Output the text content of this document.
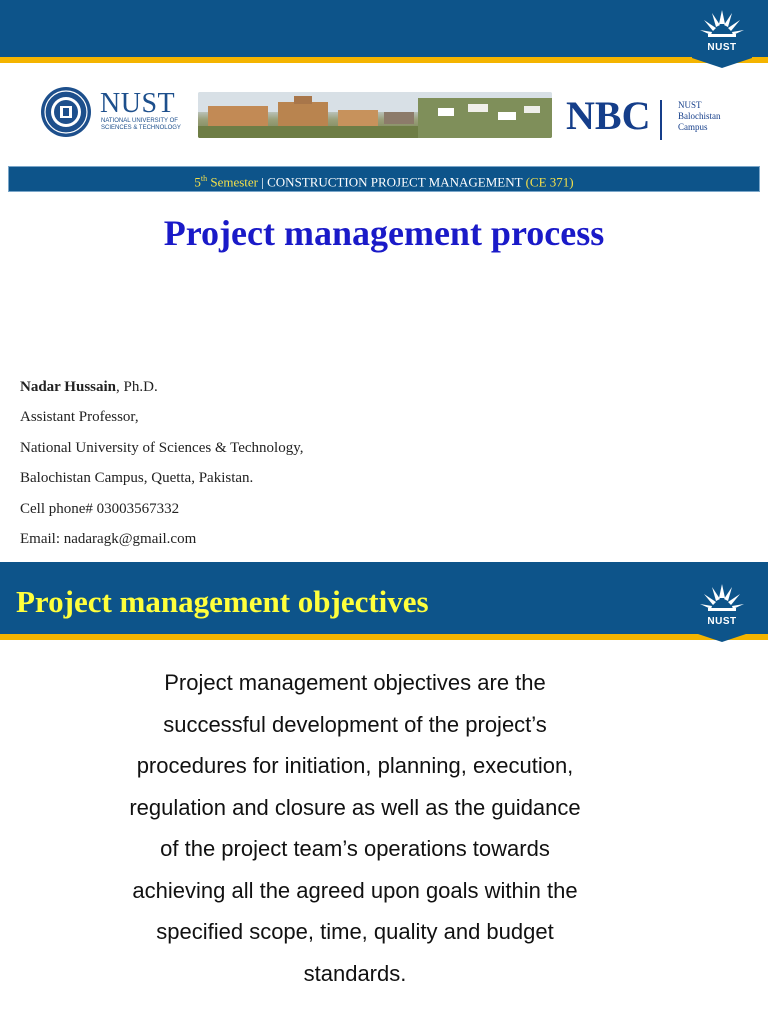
NUST
NUST
NATIONAL UNIVERSITY OF
SCIENCES & TECHNOLOGY	NBC	NUST
Balochistan
Campus
5th Semester | CONSTRUCTION PROJECT MANAGEMENT (CE 371)
Project management process
Nadar Hussain, Ph.D.
Assistant Professor,
National University of Sciences & Technology,
Balochistan Campus, Quetta, Pakistan.
Cell phone# 03003567332
Email: nadaragk@gmail.com
Project management objectives
NUST
Project management objectives are the
successful development of the project’s
procedures for initiation, planning, execution,
regulation and closure as well as the guidance
of the project team’s operations towards
achieving all the agreed upon goals within the
specified scope, time, quality and budget
standards.
